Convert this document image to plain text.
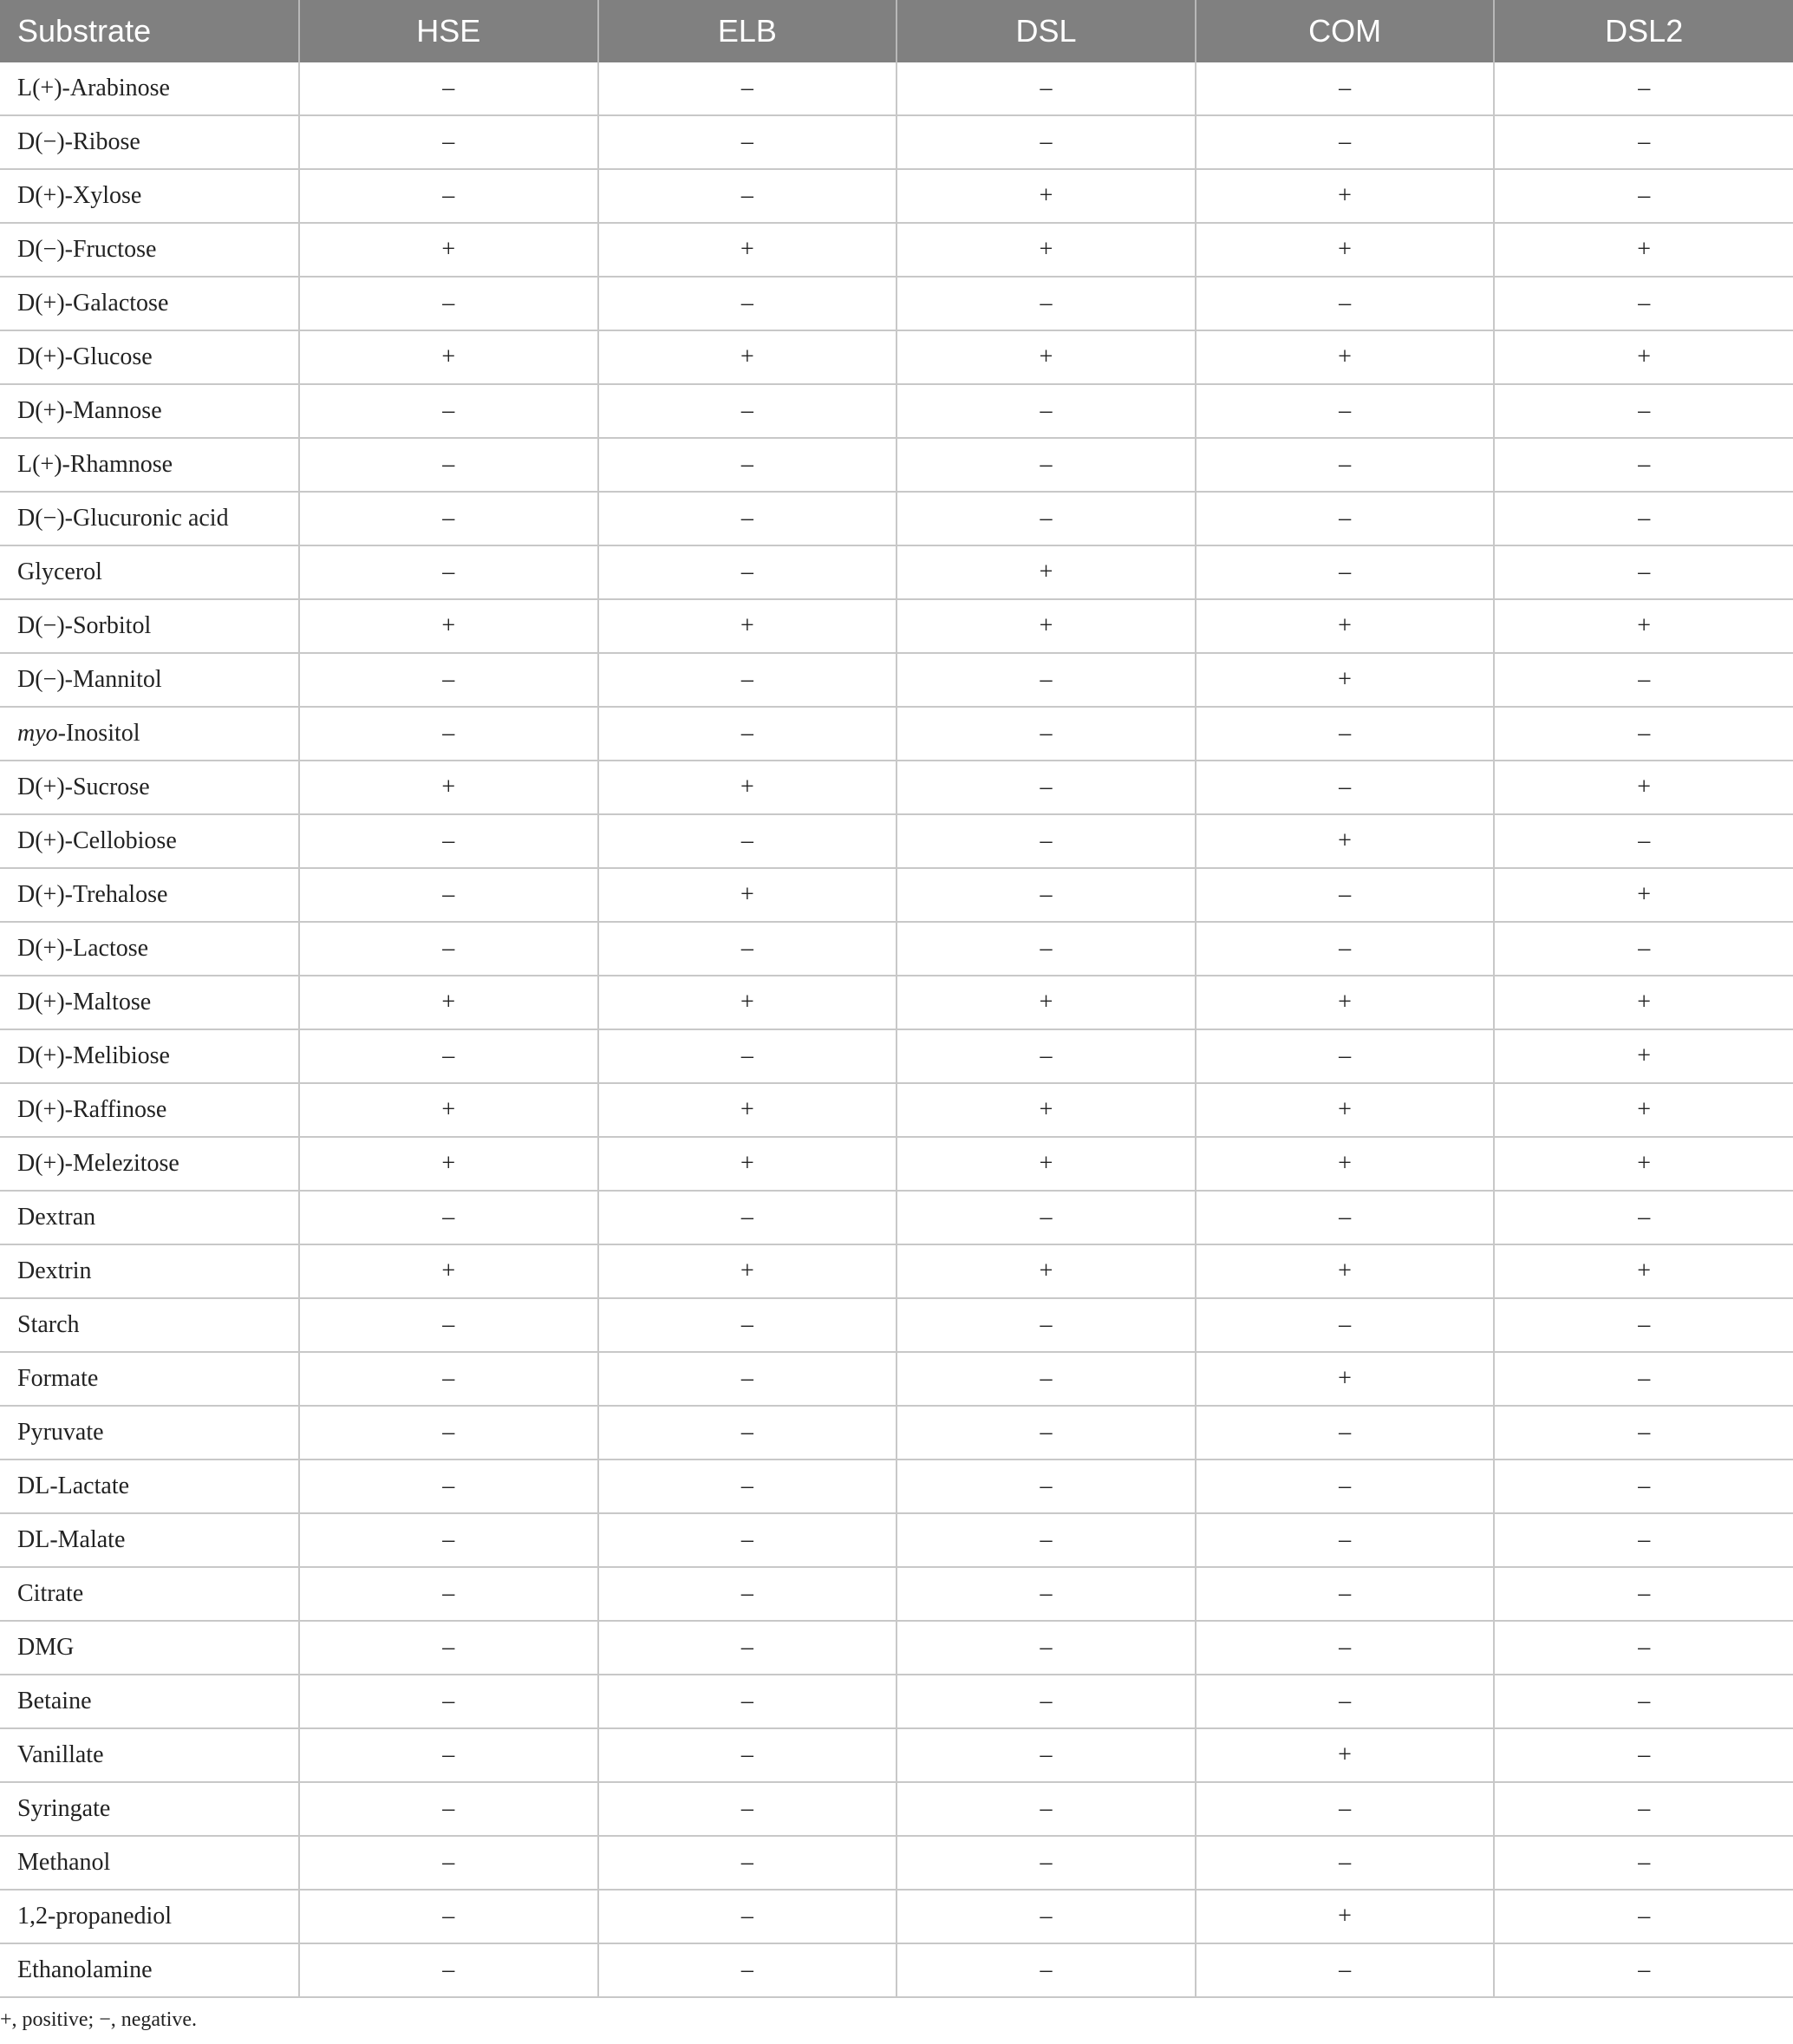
Substrate	HSE	ELB	DSL	COM	DSL2
L(+)-Arabinose	–	–	–	–	–
D(−)-Ribose	–	–	–	–	–
D(+)-Xylose	–	–	+	+	–
D(−)-Fructose	+	+	+	+	+
D(+)-Galactose	–	–	–	–	–
D(+)-Glucose	+	+	+	+	+
D(+)-Mannose	–	–	–	–	–
L(+)-Rhamnose	–	–	–	–	–
D(−)-Glucuronic acid	–	–	–	–	–
Glycerol	–	–	+	–	–
D(−)-Sorbitol	+	+	+	+	+
D(−)-Mannitol	–	–	–	+	–
myo-Inositol	–	–	–	–	–
D(+)-Sucrose	+	+	–	–	+
D(+)-Cellobiose	–	–	–	+	–
D(+)-Trehalose	–	+	–	–	+
D(+)-Lactose	–	–	–	–	–
D(+)-Maltose	+	+	+	+	+
D(+)-Melibiose	–	–	–	–	+
D(+)-Raffinose	+	+	+	+	+
D(+)-Melezitose	+	+	+	+	+
Dextran	–	–	–	–	–
Dextrin	+	+	+	+	+
Starch	–	–	–	–	–
Formate	–	–	–	+	–
Pyruvate	–	–	–	–	–
DL-Lactate	–	–	–	–	–
DL-Malate	–	–	–	–	–
Citrate	–	–	–	–	–
DMG	–	–	–	–	–
Betaine	–	–	–	–	–
Vanillate	–	–	–	+	–
Syringate	–	–	–	–	–
Methanol	–	–	–	–	–
1,2-propanediol	–	–	–	+	–
Ethanolamine	–	–	–	–	–
+, positive; −, negative.
